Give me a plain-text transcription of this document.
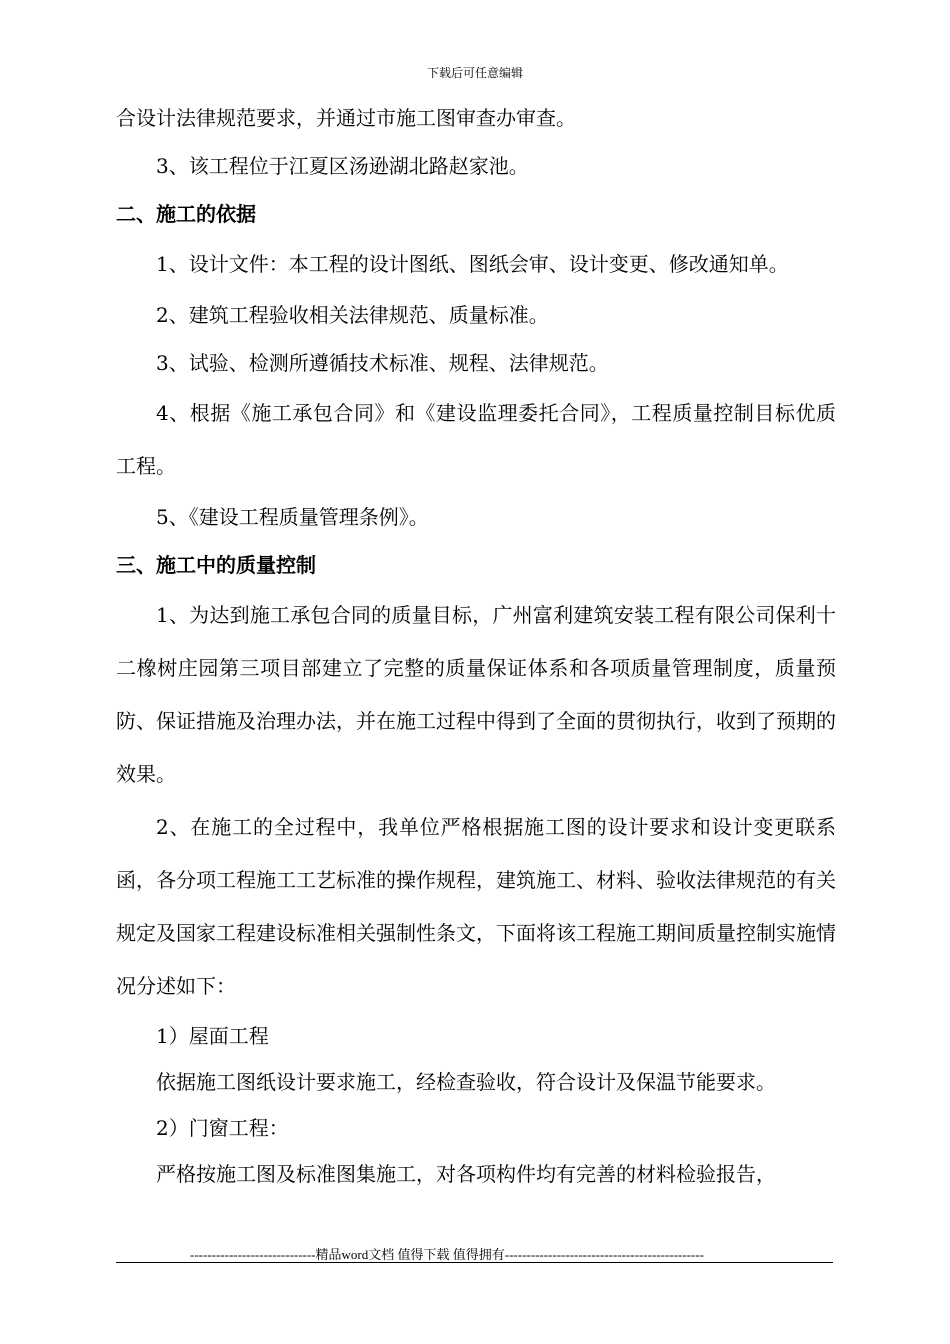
下载后可任意编辑
合设计法律规范要求，并通过市施工图审查办审查。
3、该工程位于江夏区汤逊湖北路赵家池。
二、施工的依据
1、设计文件：本工程的设计图纸、图纸会审、设计变更、修改通知单。
2、建筑工程验收相关法律规范、质量标准。
3、试验、检测所遵循技术标准、规程、法律规范。
4、根据《施工承包合同》和《建设监理委托合同》，工程质量控制目标优质工程。
5、《建设工程质量管理条例》。
三、施工中的质量控制
1、为达到施工承包合同的质量目标，广州富利建筑安装工程有限公司保利十二橡树庄园第三项目部建立了完整的质量保证体系和各项质量管理制度，质量预防、保证措施及治理办法，并在施工过程中得到了全面的贯彻执行，收到了预期的效果。
2、在施工的全过程中，我单位严格根据施工图的设计要求和设计变更联系函，各分项工程施工工艺标准的操作规程，建筑施工、材料、验收法律规范的有关规定及国家工程建设标准相关强制性条文，下面将该工程施工期间质量控制实施情况分述如下：
1）屋面工程
依据施工图纸设计要求施工，经检查验收，符合设计及保温节能要求。
2）门窗工程：
严格按施工图及标准图集施工，对各项构件均有完善的材料检验报告，
-----------------------------精品word文档 值得下载 值得拥有----------------------------------------------
